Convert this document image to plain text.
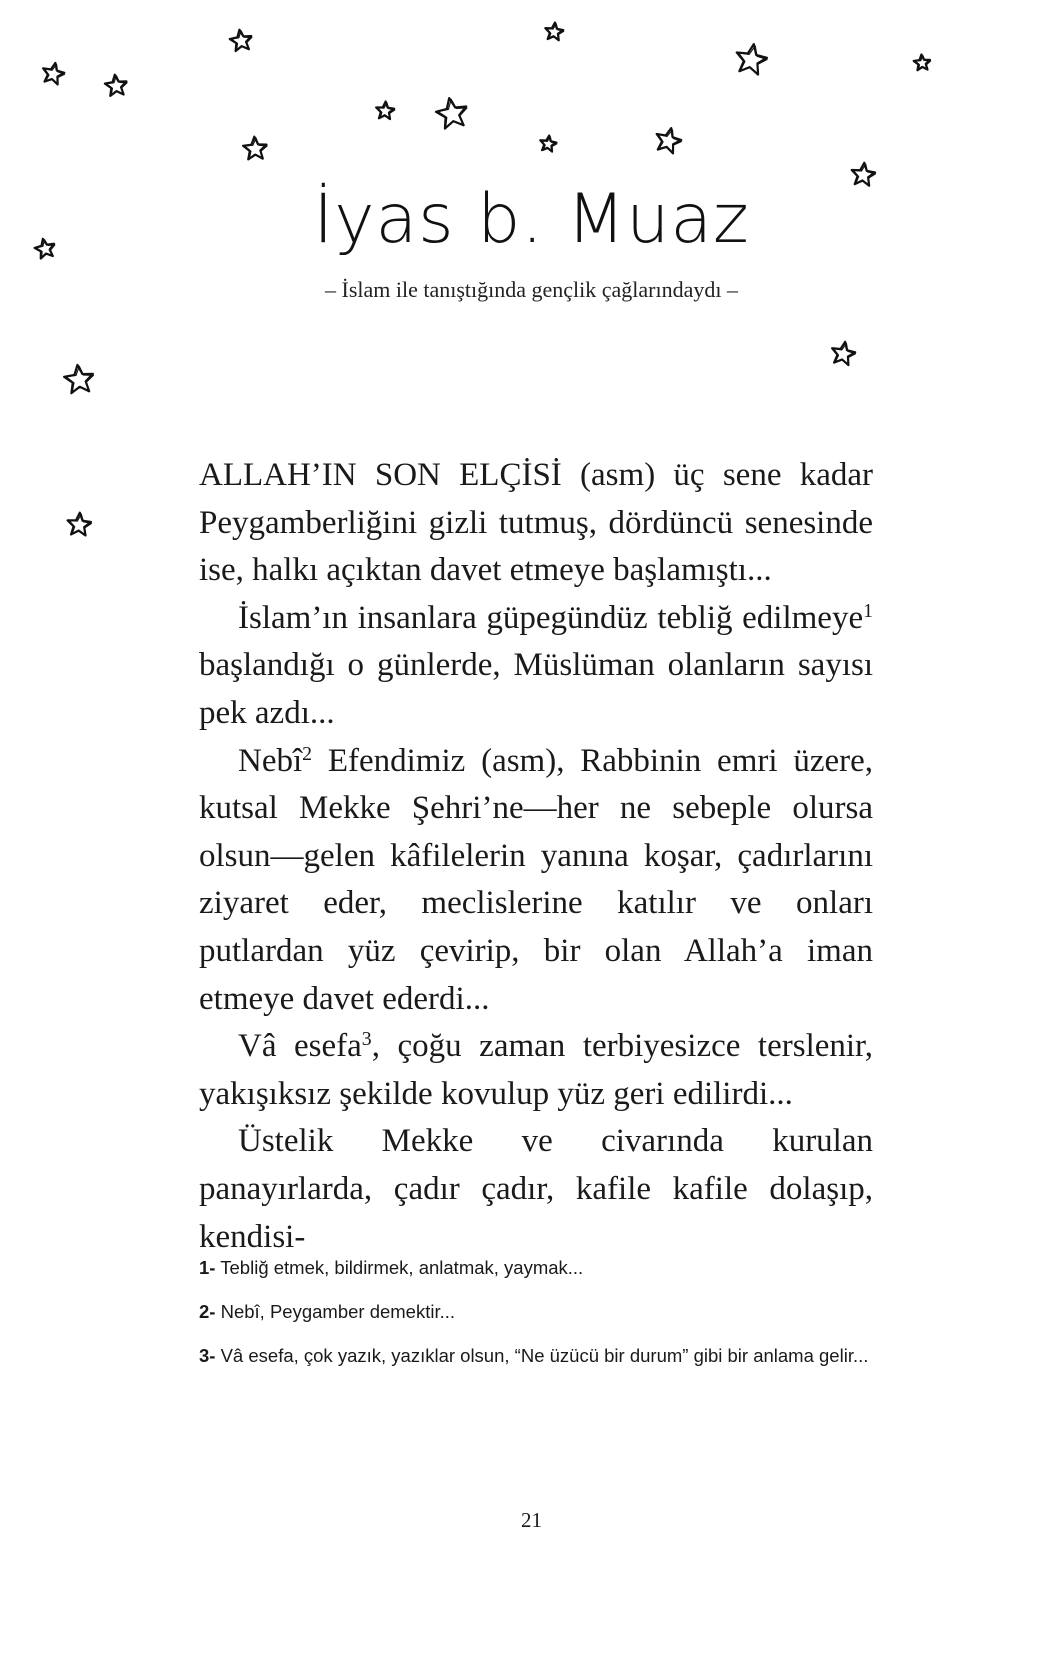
İyas b. Muaz
– İslam ile tanıştığında gençlik çağlarındaydı –

ALLAH’IN SON ELÇİSİ (asm) üç sene kadar Peygamberliğini gizli tutmuş, dördüncü senesinde ise, halkı açıktan davet etmeye başlamıştı...

İslam’ın insanlara güpegündüz tebliğ edilmeye$^1$ başlandığı o günlerde, Müslüman olanların sayısı pek azdı...

Nebî$^2$ Efendimiz (asm), Rabbinin emri üzere, kutsal Mekke Şehri’ne—her ne sebeple olursa olsun—gelen kâfilelerin yanına koşar, çadırlarını ziyaret eder, meclislerine katılır ve onları putlardan yüz çevirip, bir olan Allah’a iman etmeye davet ederdi...

Vâ esefa$^3$, çoğu zaman terbiyesizce terslenir, yakışıksız şekilde kovulup yüz geri edilirdi...

Üstelik Mekke ve civarında kurulan panayırlarda, çadır çadır, kafile kafile dolaşıp, kendisi-

1- Tebliğ etmek, bildirmek, anlatmak, yaymak...

2- Nebî, Peygamber demektir...

3- Vâ esefa, çok yazık, yazıklar olsun, “Ne üzücü bir durum” gibi bir anlama gelir...

21
